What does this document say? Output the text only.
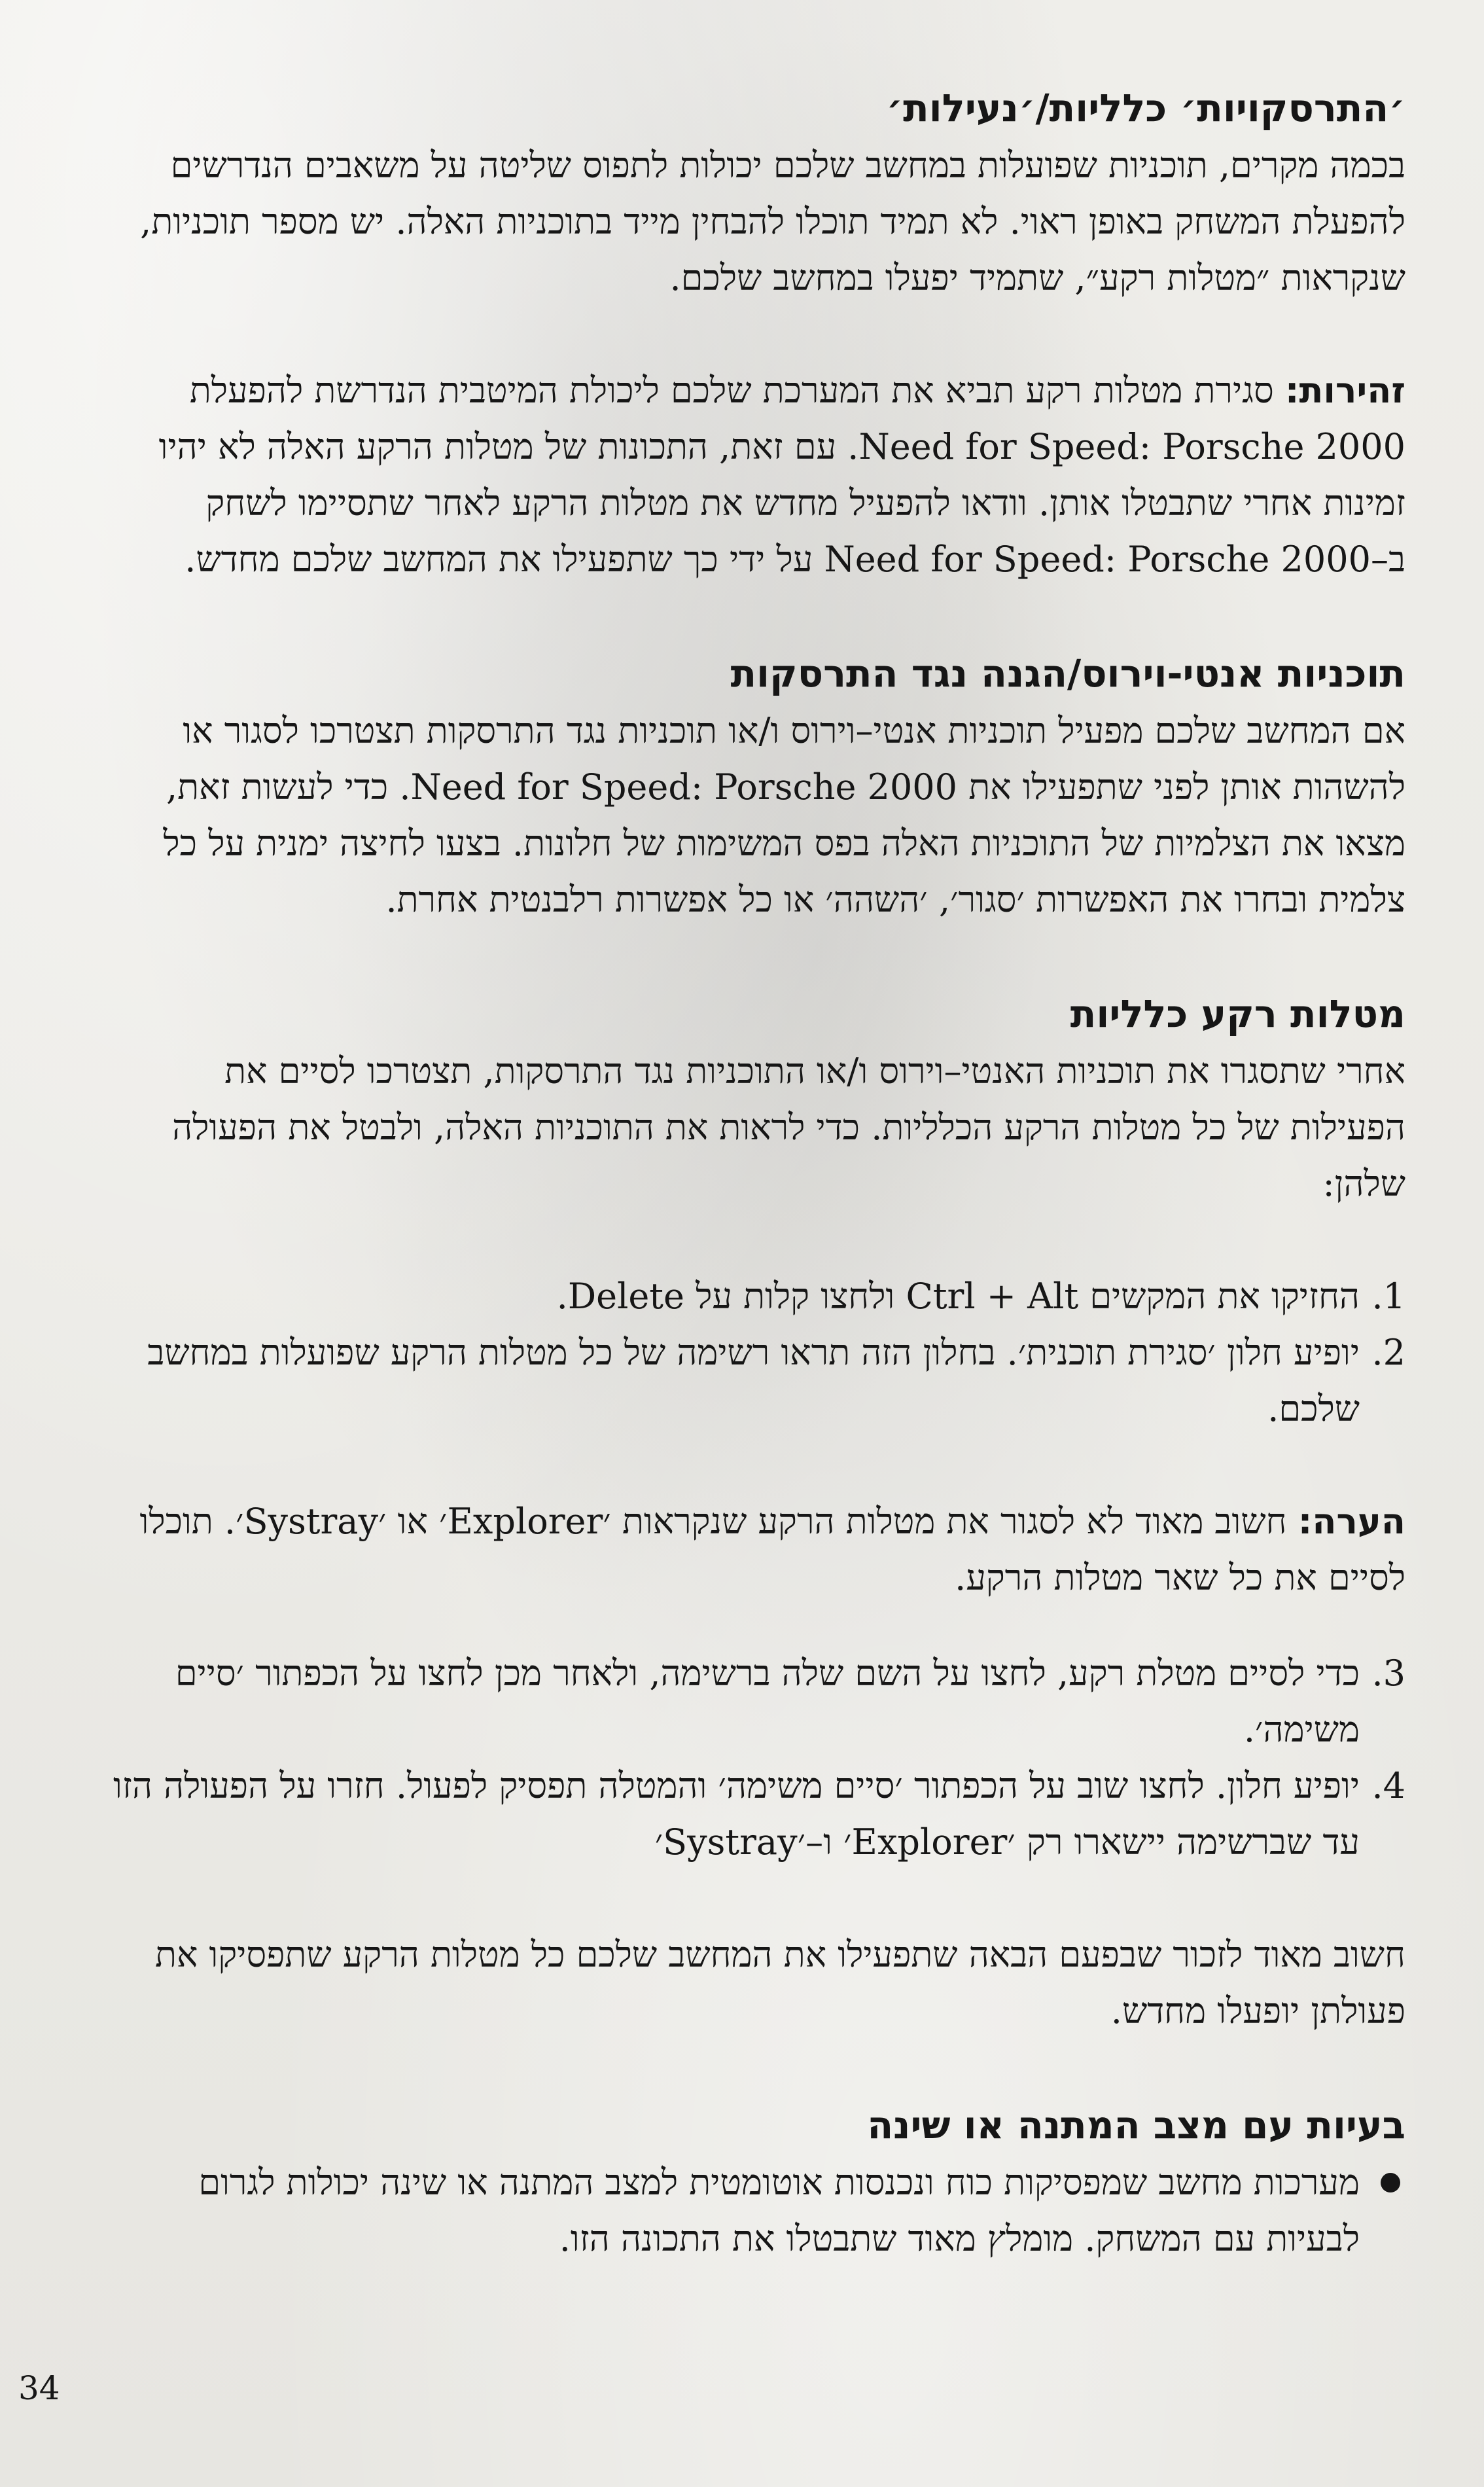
׳התרסקויות׳ כלליות/׳נעילות׳

בכמה מקרים, תוכניות שפועלות במחשב שלכם יכולות לתפוס שליטה על משאבים הנדרשים להפעלת המשחק באופן ראוי. לא תמיד תוכלו להבחין מייד בתוכניות האלה. יש מספר תוכניות, שנקראות ״מטלות רקע״, שתמיד יפעלו במחשב שלכם.

זהירות: סגירת מטלות רקע תביא את המערכת שלכם ליכולת המיטבית הנדרשת להפעלת Need for Speed: Porsche 2000. עם זאת, התכונות של מטלות הרקע האלה לא יהיו זמינות אחרי שתבטלו אותן. וודאו להפעיל מחדש את מטלות הרקע לאחר שתסיימו לשחק ב–Need for Speed: Porsche 2000 על ידי כך שתפעילו את המחשב שלכם מחדש.

תוכניות אנטי-וירוס/הגנה נגד התרסקות

אם המחשב שלכם מפעיל תוכניות אנטי–וירוס ו/או תוכניות נגד התרסקות תצטרכו לסגור או להשהות אותן לפני שתפעילו את Need for Speed: Porsche 2000. כדי לעשות זאת, מצאו את הצלמיות של התוכניות האלה בפס המשימות של חלונות. בצעו לחיצה ימנית על כל צלמית ובחרו את האפשרות ׳סגור׳, ׳השהה׳ או כל אפשרות רלבנטית אחרת.

מטלות רקע כלליות

אחרי שתסגרו את תוכניות האנטי–וירוס ו/או התוכניות נגד התרסקות, תצטרכו לסיים את הפעילות של כל מטלות הרקע הכלליות. כדי לראות את התוכניות האלה, ולבטל את הפעולה שלהן:

1.
החזיקו את המקשים Ctrl + Alt ולחצו קלות על Delete.
2.
יופיע חלון ׳סגירת תוכנית׳. בחלון הזה תראו רשימה של כל מטלות הרקע שפועלות במחשב שלכם.

הערה: חשוב מאוד לא לסגור את מטלות הרקע שנקראות ׳Explorer׳ או ׳Systray׳. תוכלו לסיים את כל שאר מטלות הרקע.

3.
כדי לסיים מטלת רקע, לחצו על השם שלה ברשימה, ולאחר מכן לחצו על הכפתור ׳סיים משימה׳.
4.
יופיע חלון. לחצו שוב על הכפתור ׳סיים משימה׳ והמטלה תפסיק לפעול. חזרו על הפעולה הזו עד שברשימה יישארו רק ׳Explorer׳ ו–׳Systray׳

חשוב מאוד לזכור שבפעם הבאה שתפעילו את המחשב שלכם כל מטלות הרקע שתפסיקו את פעולתן יופעלו מחדש.

בעיות עם מצב המתנה או שינה
מערכות מחשב שמפסיקות כוח ונכנסות אוטומטית למצב המתנה או שינה יכולות לגרום לבעיות עם המשחק. מומלץ מאוד שתבטלו את התכונה הזו.
34
